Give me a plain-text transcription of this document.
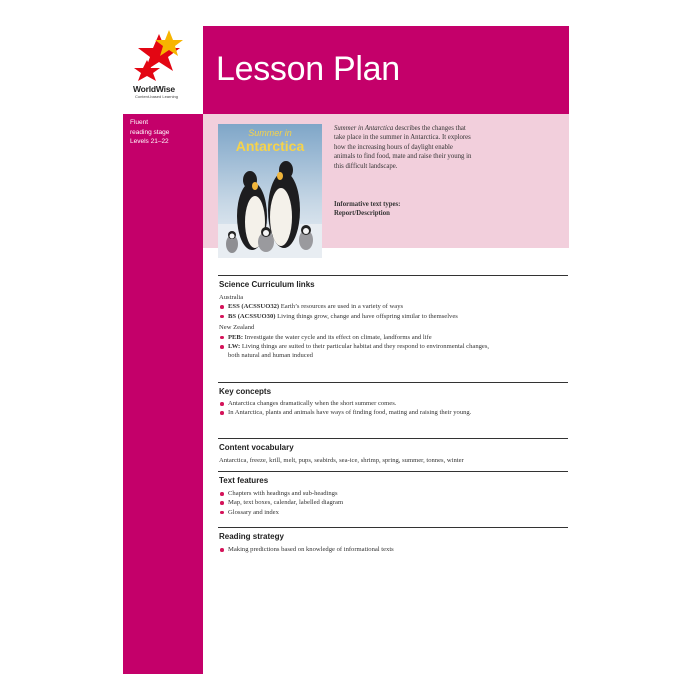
WorldWise
Content-based Learning
Lesson Plan
Fluent
reading stage
Levels 21–22
Summer in
Antarctica
Summer in Antarctica describes the changes that take place in the summer in Antarctica. It explores how the increasing hours of daylight enable animals to find food, mate and raise their young in this difficult landscape.
Informative text types:
Report/Description
Science Curriculum links
Australia
ESS (ACSSUO32) Earth’s resources are used in a variety of ways
BS (ACSSUO30) Living things grow, change and have offspring similar to themselves
New Zealand
PEB: Investigate the water cycle and its effect on climate, landforms and life
LW: Living things are suited to their particular habitat and they respond to environmental changes, both natural and human induced
Key concepts
Antarctica changes dramatically when the short summer comes.
In Antarctica, plants and animals have ways of finding food, mating and raising their young.
Content vocabulary
Antarctica, freeze, krill, melt, pups, seabirds, sea-ice, shrimp, spring, summer, tonnes, winter
Text features
Chapters with headings and sub-headings
Map, text boxes, calendar, labelled diagram
Glossary and index
Reading strategy
Making predictions based on knowledge of informational texts
